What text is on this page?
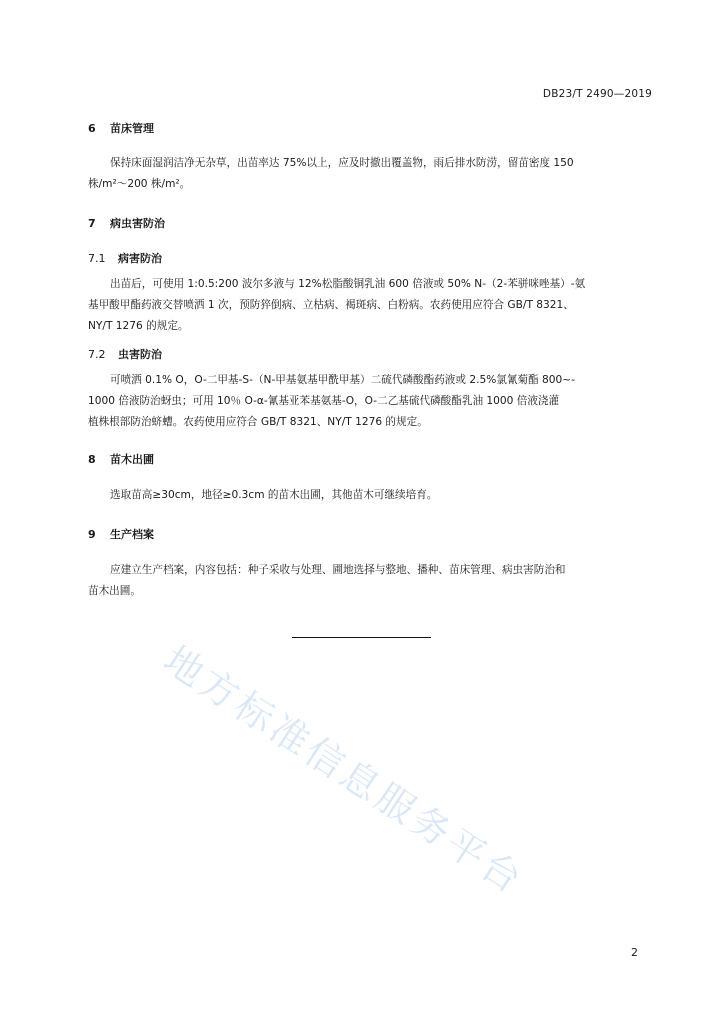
DB23/T 2490—2019
6 苗床管理
保持床面湿润洁净无杂草，出苗率达 75%以上，应及时撤出覆盖物，雨后排水防涝，留苗密度 150
株/m²～200 株/m²。
7 病虫害防治
7.1 病害防治
出苗后，可使用 1:0.5:200 波尔多液与 12%松脂酸铜乳油 600 倍液或 50% N-（2-苯骈咪唑基）-氨
基甲酸甲酯药液交替喷洒 1 次，预防猝倒病、立枯病、褐斑病、白粉病。农药使用应符合 GB/T 8321、
NY/T 1276 的规定。
7.2 虫害防治
可喷洒 0.1% O，O-二甲基-S-（N-甲基氨基甲酰甲基）二硫代磷酸酯药液或 2.5%氯氰菊酯 800~-
1000 倍液防治蚜虫；可用 10％ O-α-氰基亚苯基氨基-O，O-二乙基硫代磷酸酯乳油 1000 倍液浇灌
植株根部防治蛴螬。农药使用应符合 GB/T 8321、NY/T 1276 的规定。
8 苗木出圃
选取苗高≥30cm，地径≥0.3cm 的苗木出圃，其他苗木可继续培育。
9 生产档案
应建立生产档案，内容包括：种子采收与处理、圃地选择与整地、播种、苗床管理、病虫害防治和
苗木出圃。
地方标准信息服务平台
2
